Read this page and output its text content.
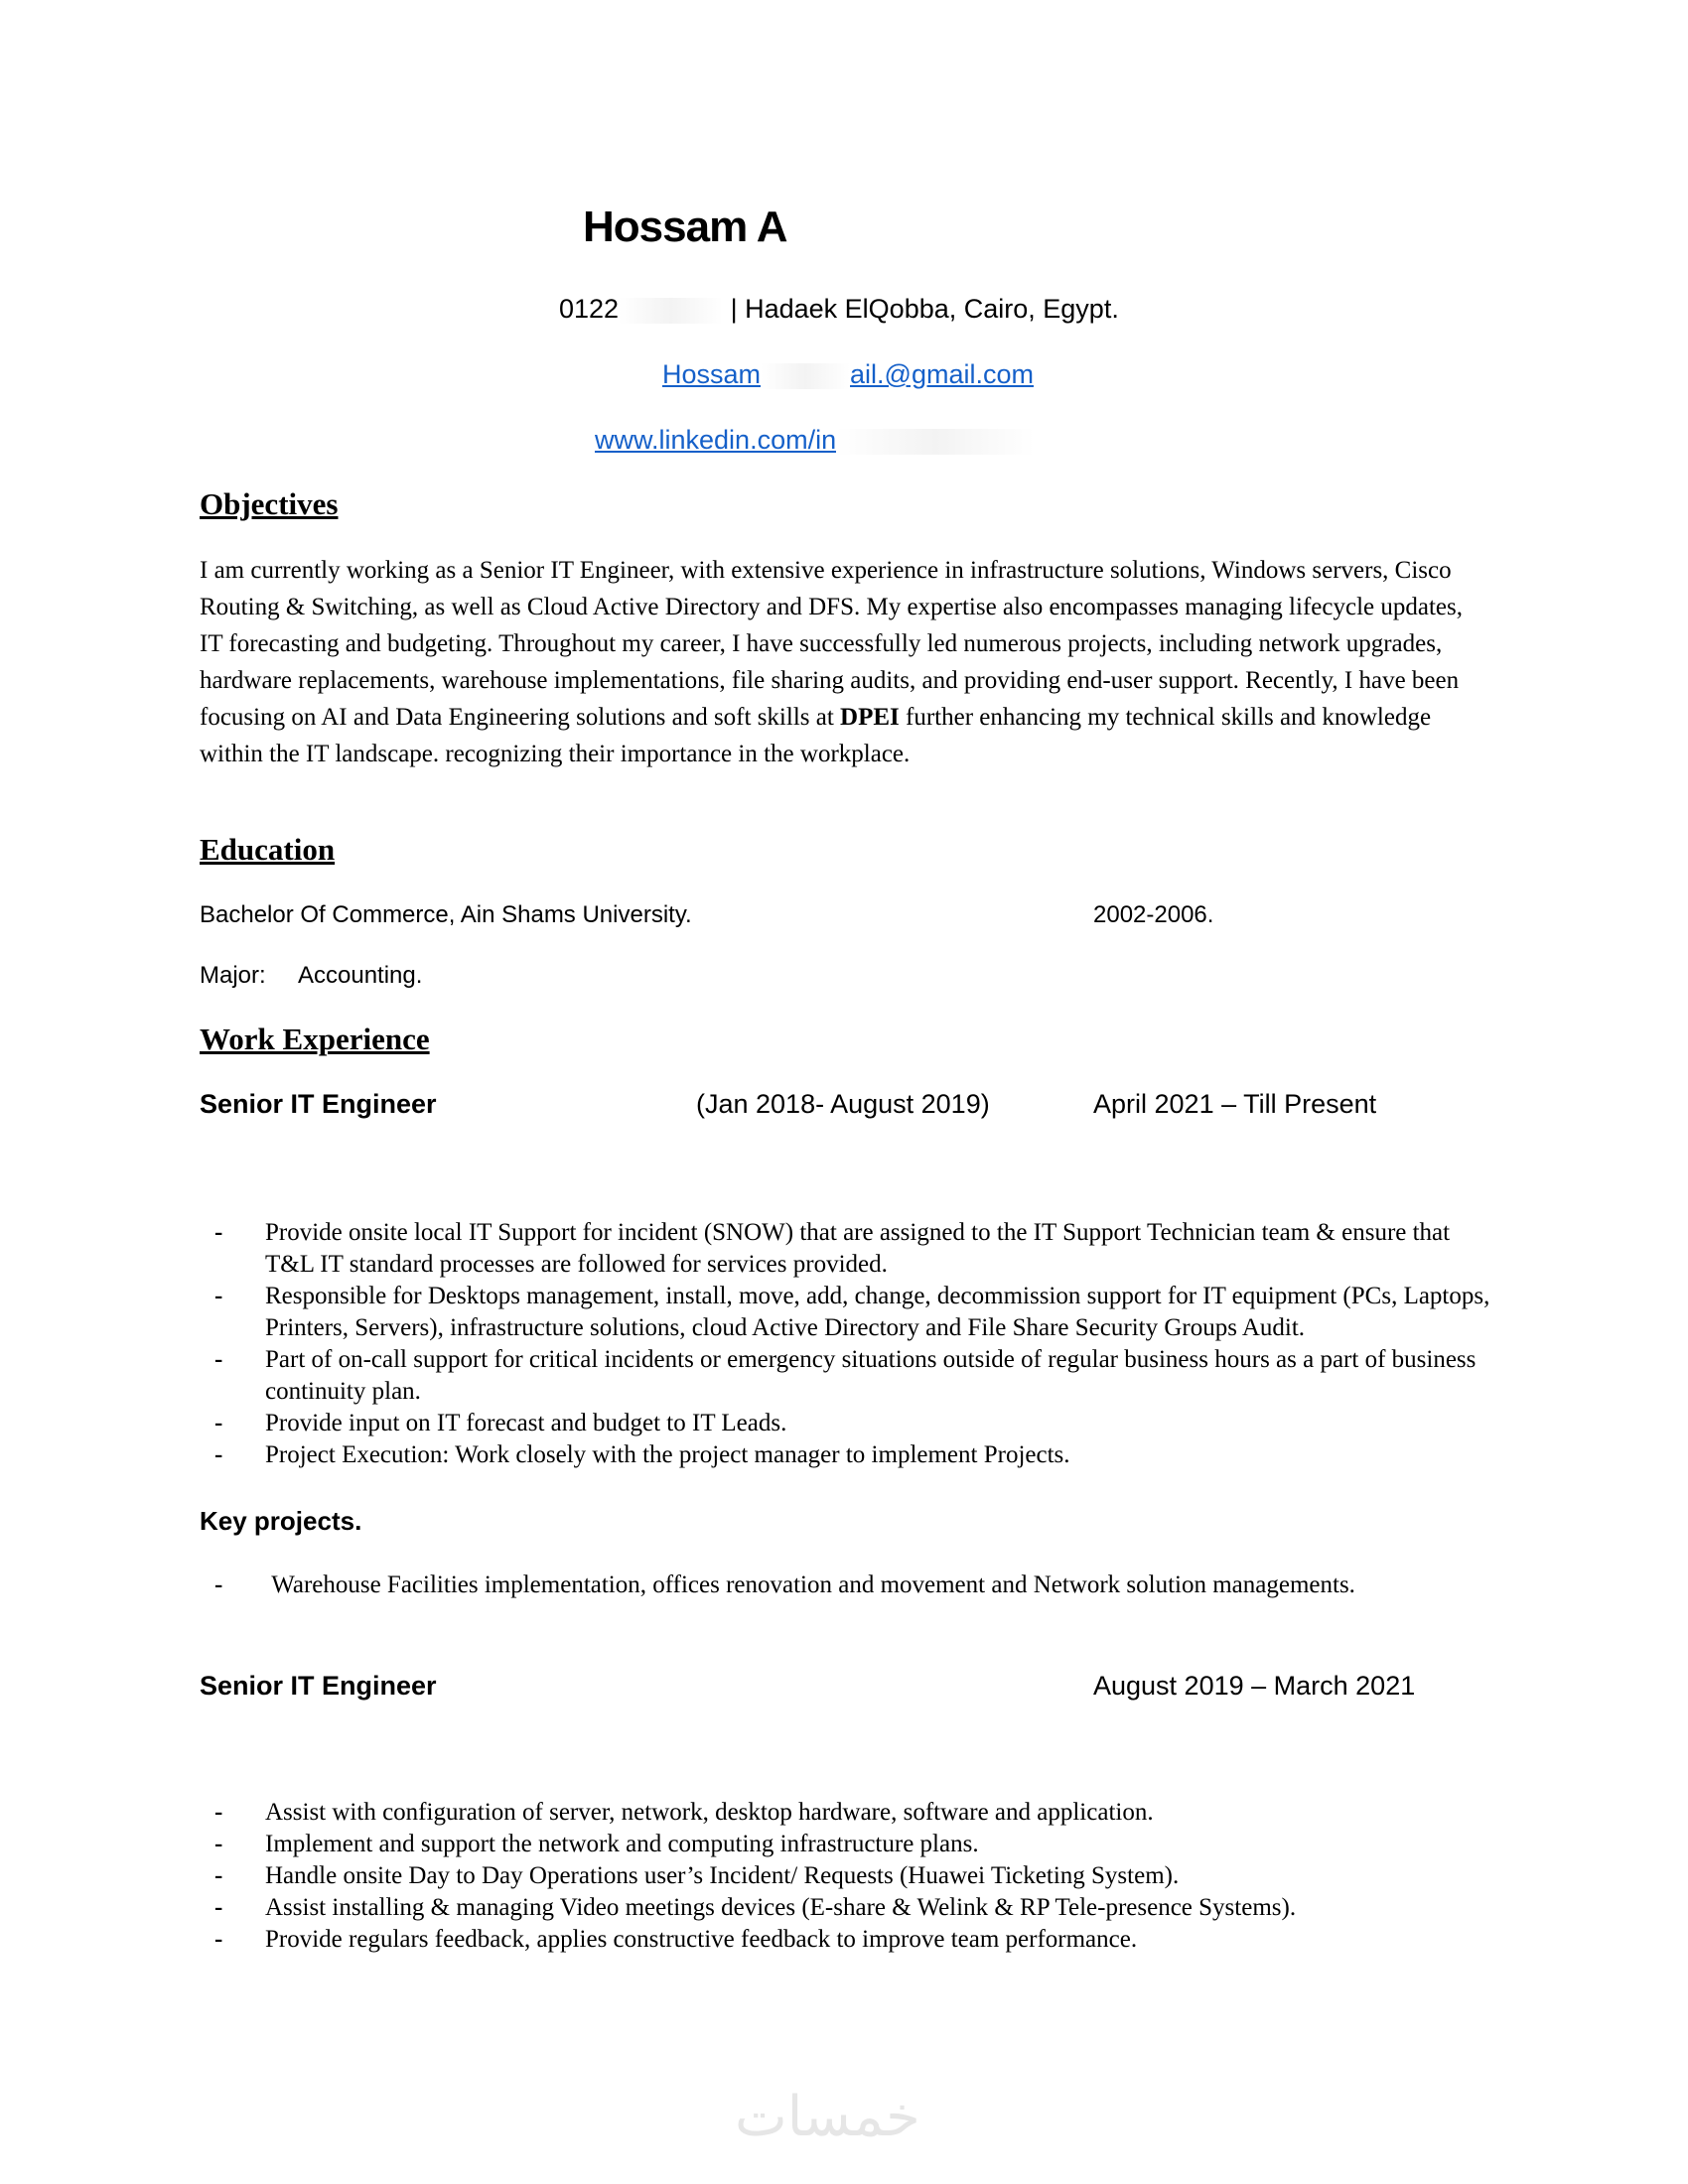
Hossam A
0122	| Hadaek ElQobba, Cairo, Egypt.
Hossam	ail.@gmail.com
www.linkedin.com/in
Objectives
I am currently working as a Senior IT Engineer, with extensive experience in infrastructure solutions, Windows servers, Cisco Routing & Switching, as well as Cloud Active Directory and DFS. My expertise also encompasses managing lifecycle updates, IT forecasting and budgeting. Throughout my career, I have successfully led numerous projects, including network upgrades, hardware replacements, warehouse implementations, file sharing audits, and providing end-user support. Recently, I have been focusing on AI and Data Engineering solutions and soft skills at DPEI further enhancing my technical skills and knowledge within the IT landscape. recognizing their importance in the workplace.
Education
Bachelor Of Commerce, Ain Shams University.	2002-2006.
Major: Accounting.
Work Experience
Senior IT Engineer	(Jan 2018- August 2019)	April 2021 – Till Present
- Provide onsite local IT Support for incident (SNOW) that are assigned to the IT Support Technician team & ensure that T&L IT standard processes are followed for services provided.
- Responsible for Desktops management, install, move, add, change, decommission support for IT equipment (PCs, Laptops, Printers, Servers), infrastructure solutions, cloud Active Directory and File Share Security Groups Audit.
- Part of on-call support for critical incidents or emergency situations outside of regular business hours as a part of business continuity plan.
- Provide input on IT forecast and budget to IT Leads.
- Project Execution: Work closely with the project manager to implement Projects.
Key projects.
- Warehouse Facilities implementation, offices renovation and movement and Network solution managements.
Senior IT Engineer	August 2019 – March 2021
- Assist with configuration of server, network, desktop hardware, software and application.
- Implement and support the network and computing infrastructure plans.
- Handle onsite Day to Day Operations user’s Incident/ Requests (Huawei Ticketing System).
- Assist installing & managing Video meetings devices (E-share & Welink & RP Tele-presence Systems).
- Provide regulars feedback, applies constructive feedback to improve team performance.
خمسات
